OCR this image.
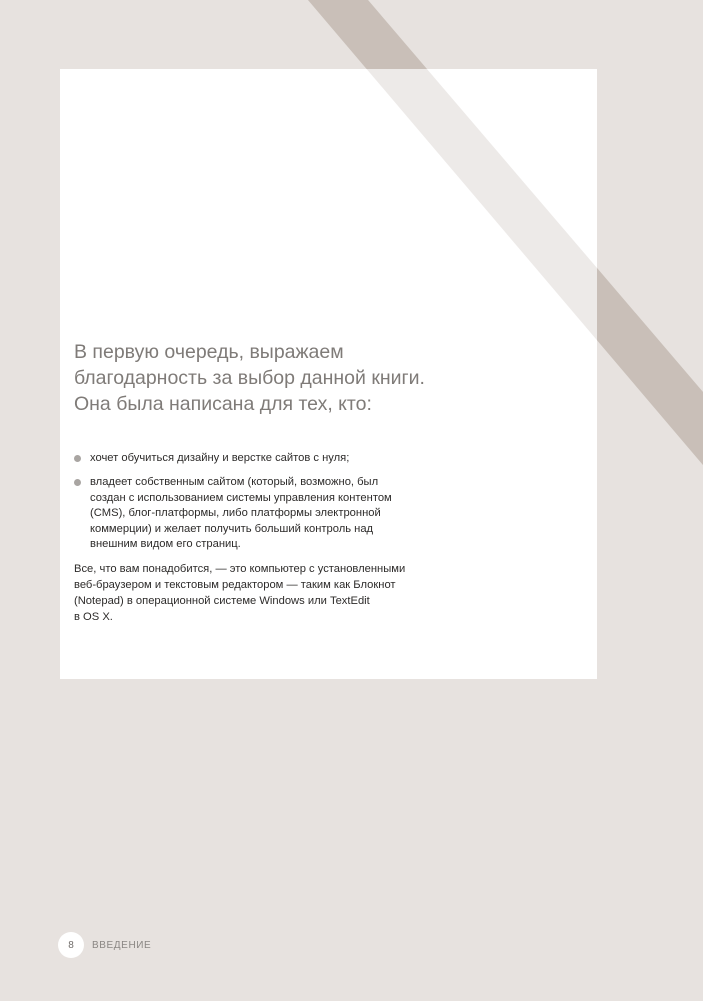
В первую очередь, выражаем
благодарность за выбор данной книги.
Она была написана для тех, кто:
хочет обучиться дизайну и верстке сайтов с нуля;
владеет собственным сайтом (который, возможно, был
создан с использованием системы управления контентом
(CMS), блог-платформы, либо платформы электронной
коммерции) и желает получить больший контроль над
внешним видом его страниц.

Все, что вам понадобится, — это компьютер с установленными
веб-браузером и текстовым редактором — таким как Блокнот
(Notepad) в операционной системе Windows или TextEdit
в OS X.

8	ВВЕДЕНИЕ
